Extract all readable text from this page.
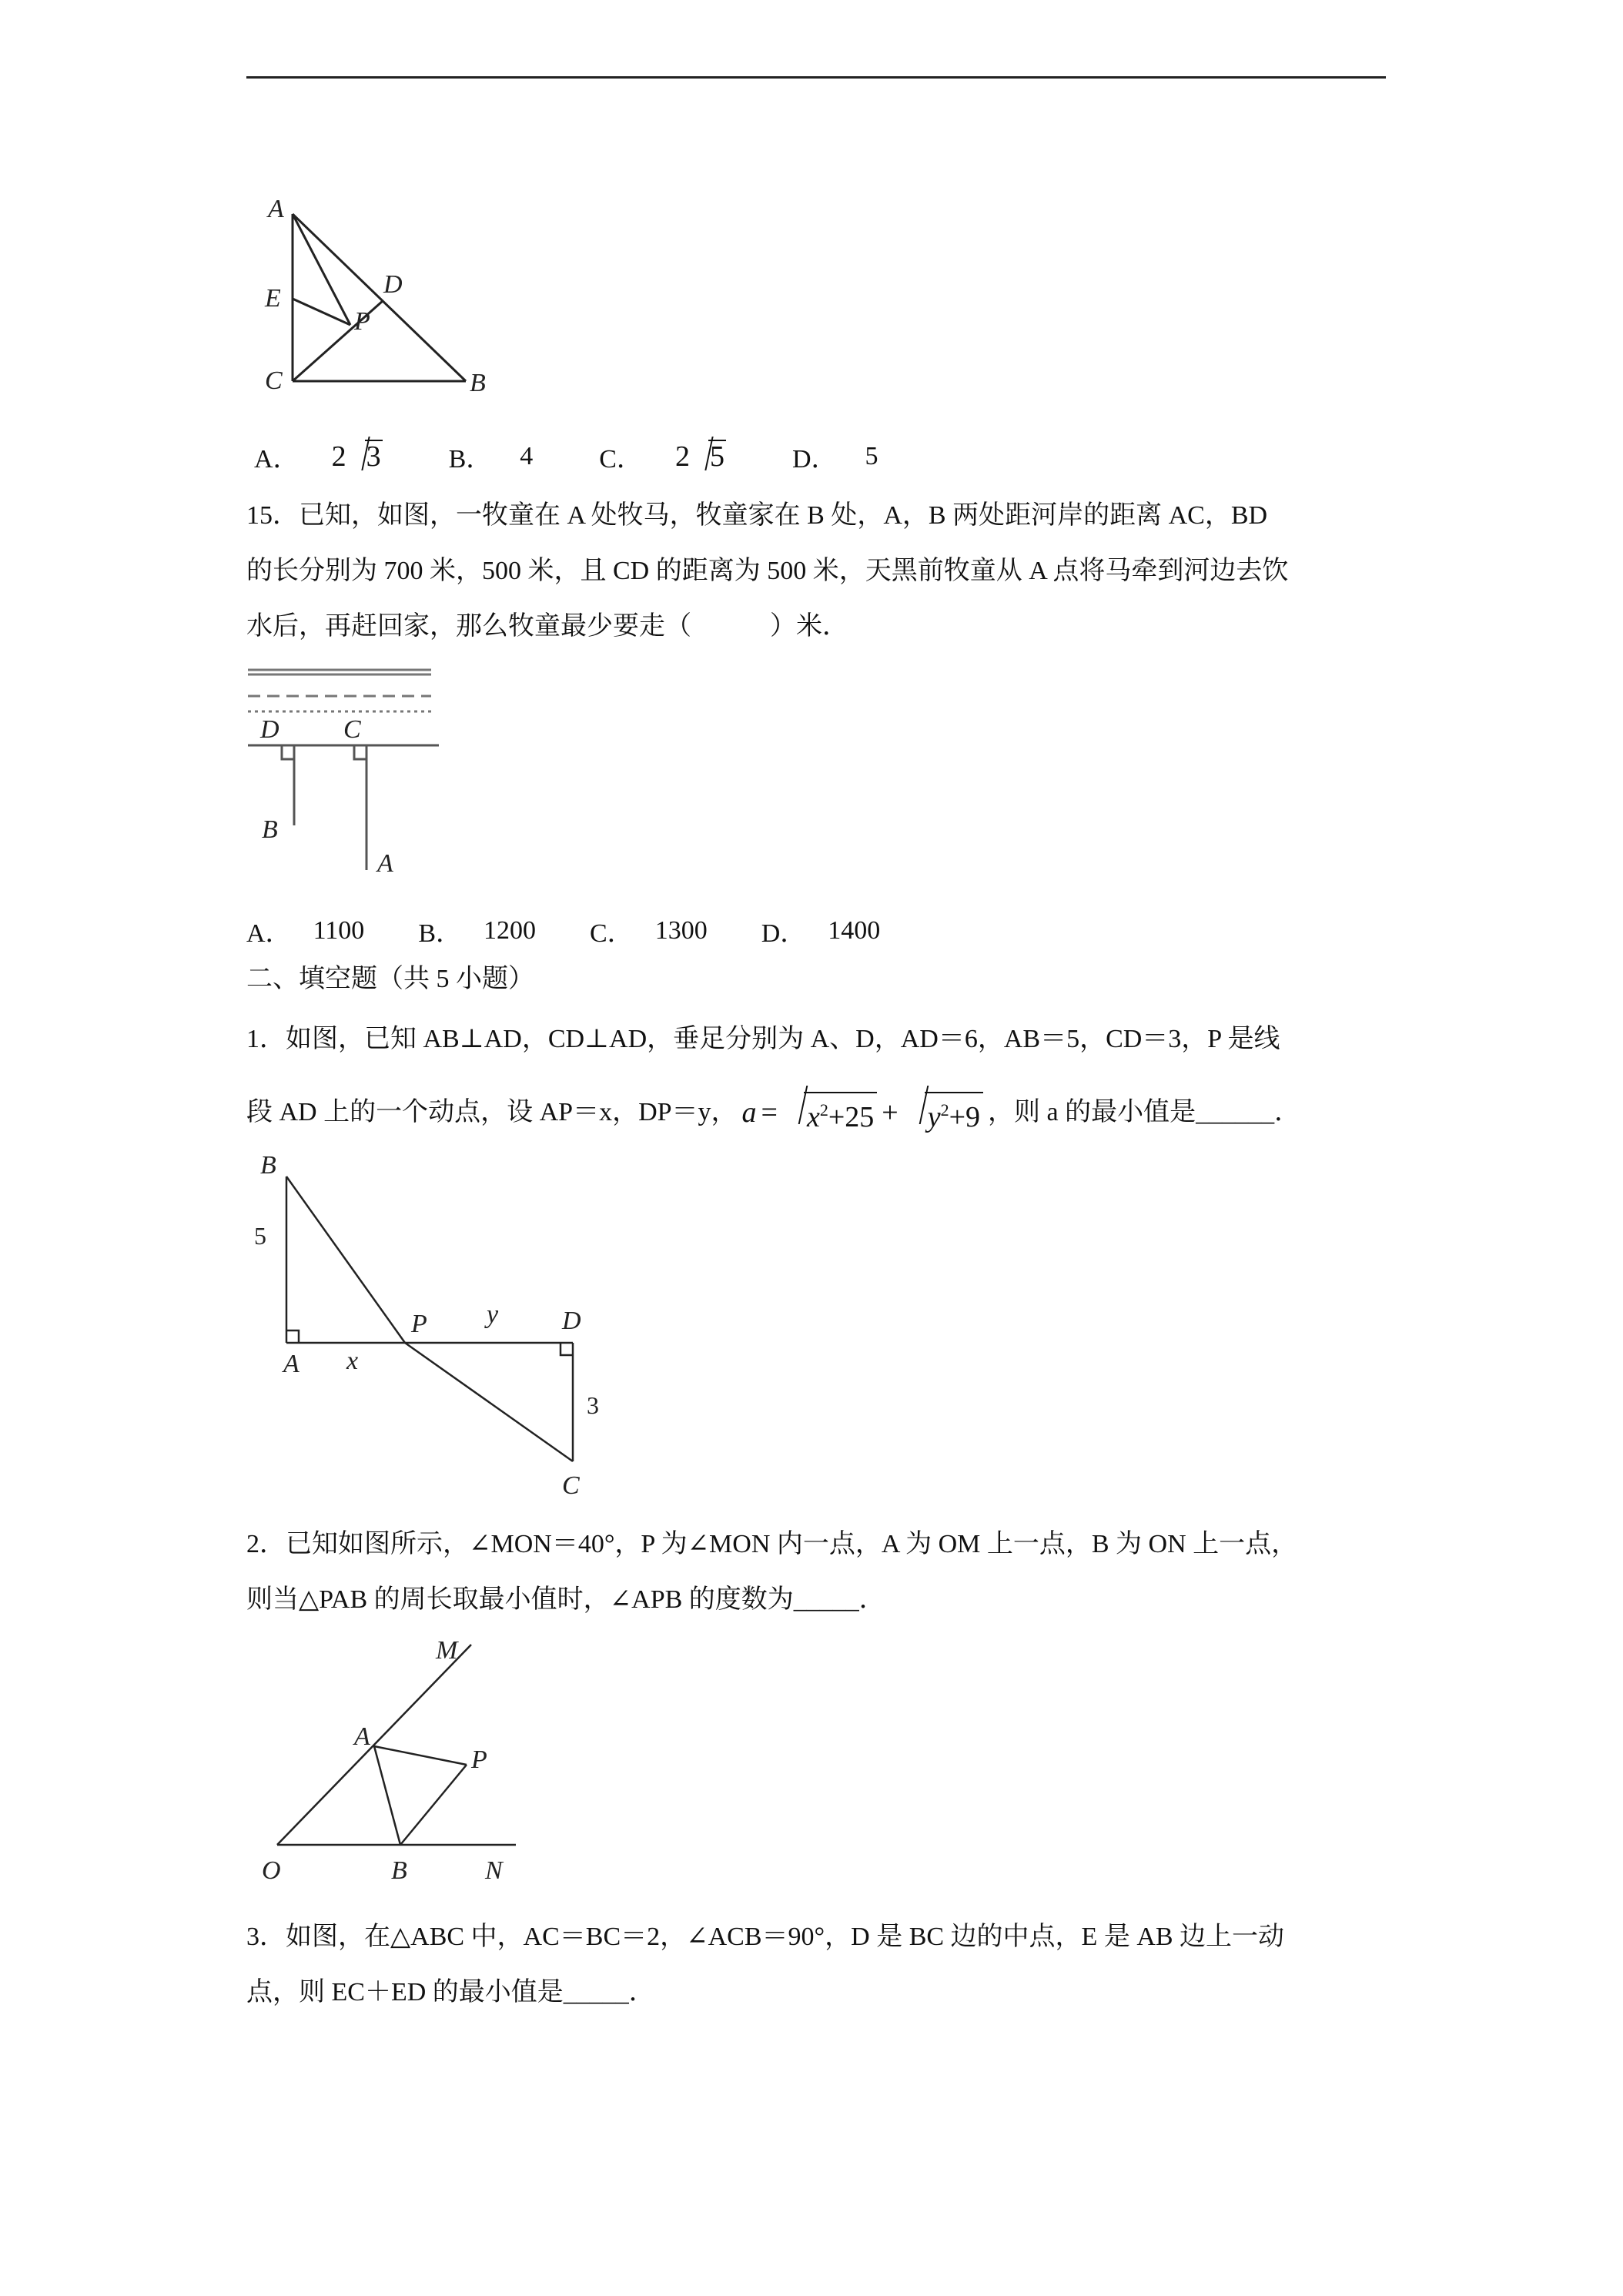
A
E	D
P
C	B
A． 2 3	B． 4	C． 2 5	D． 5
15．已知，如图，一牧童在 A 处牧马，牧童家在 B 处，A，B 两处距河岸的距离 AC，BD
的长分别为 700 米，500 米，且 CD 的距离为 500 米，天黑前牧童从 A 点将马牵到河边去饮
水后，再赶回家，那么牧童最少要走（　　　）米．
D C
B
A
A． 1100 B． 1200 C． 1300 D． 1400
二、填空题（共 5 小题）
1．如图，已知 AB⊥AD，CD⊥AD，垂足分别为 A、D，AD＝6，AB＝5，CD＝3，P 是线
段 AD 上的一个动点，设 AP＝x，DP＝y， a =	$x^2+25$ +	$y^2+9$ ，则 a 的最小值是______．
B
5
P y D
A x
3
C
2．已知如图所示，∠MON＝40°，P 为∠MON 内一点，A 为 OM 上一点，B 为 ON 上一点，
则当△PAB 的周长取最小值时，∠APB 的度数为_____．
M
A
P
O	B	N
3．如图，在△ABC 中，AC＝BC＝2，∠ACB＝90°，D 是 BC 边的中点，E 是 AB 边上一动
点，则 EC＋ED 的最小值是_____．
